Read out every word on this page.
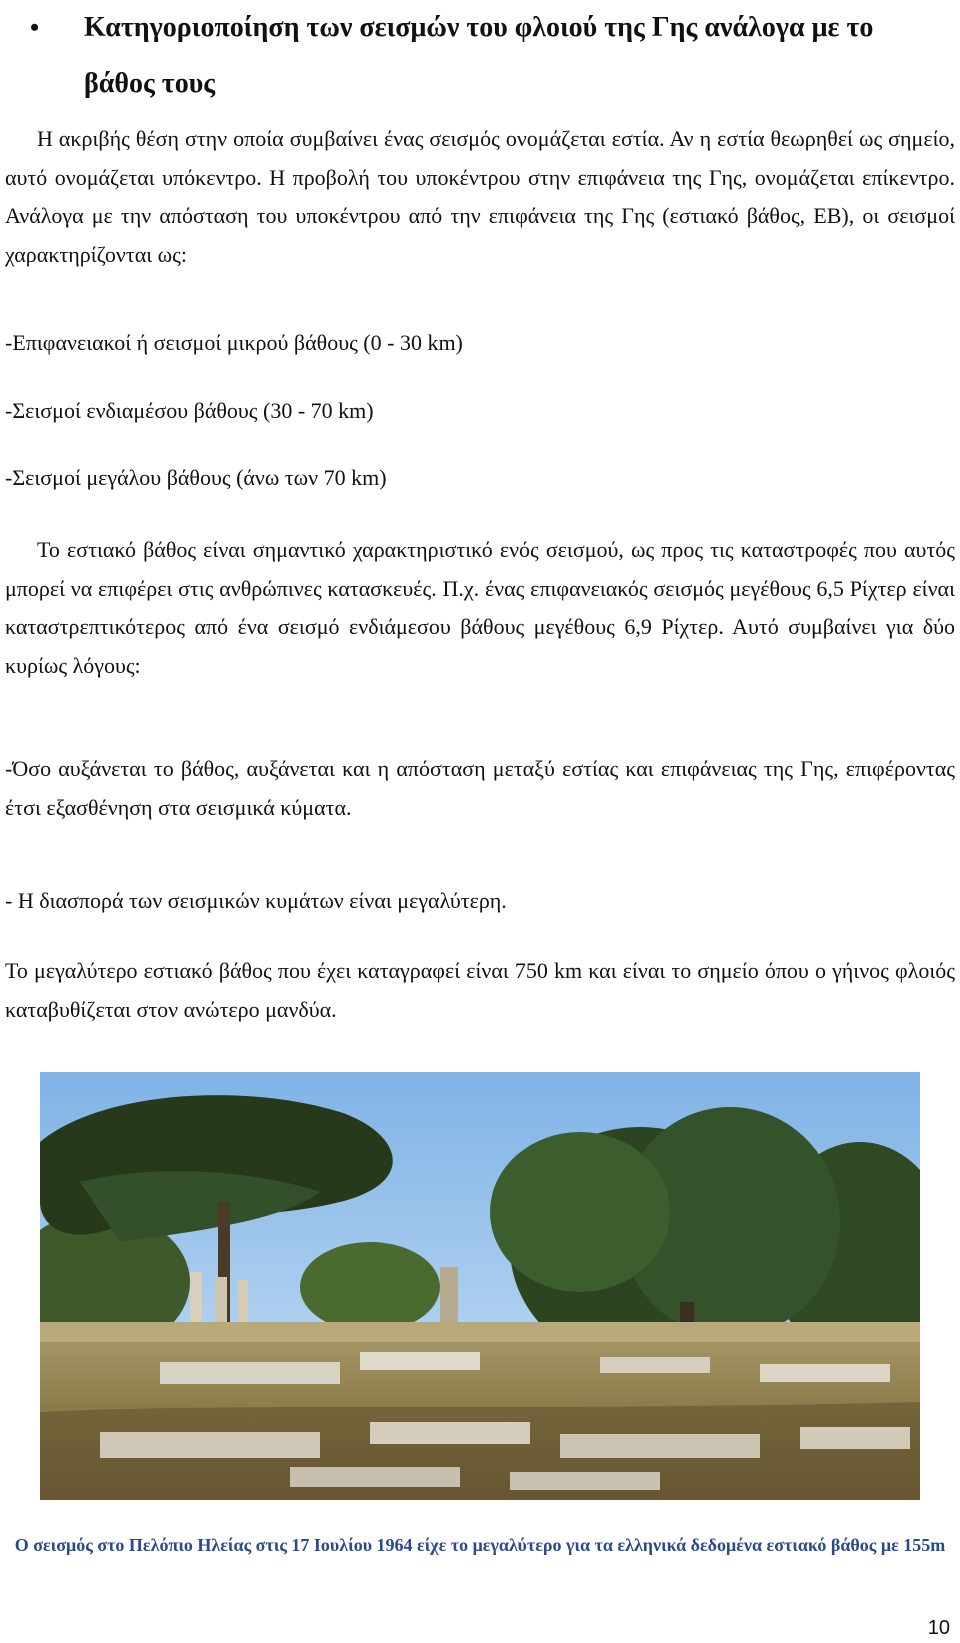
•	Κατηγοριοποίηση των σεισμών του φλοιού της Γης ανάλογα με το βάθος τους

Η ακριβής θέση στην οποία συμβαίνει ένας σεισμός ονομάζεται εστία. Αν η εστία θεωρηθεί ως σημείο, αυτό ονομάζεται υπόκεντρο. Η προβολή του υποκέντρου στην επιφάνεια της Γης, ονομάζεται επίκεντρο. Ανάλογα με την απόσταση του υποκέντρου από την επιφάνεια της Γης (εστιακό βάθος, ΕΒ), οι σεισμοί χαρακτηρίζονται ως:

-Επιφανειακοί ή σεισμοί μικρού βάθους (0 - 30 km)
-Σεισμοί ενδιαμέσου βάθους (30 - 70 km)
-Σεισμοί μεγάλου βάθους (άνω των 70 km)

Το εστιακό βάθος είναι σημαντικό χαρακτηριστικό ενός σεισμού, ως προς τις καταστροφές που αυτός μπορεί να επιφέρει στις ανθρώπινες κατασκευές. Π.χ. ένας επιφανειακός σεισμός μεγέθους 6,5 Ρίχτερ είναι καταστρεπτικότερος από ένα σεισμό ενδιάμεσου βάθους μεγέθους 6,9 Ρίχτερ. Αυτό συμβαίνει για δύο κυρίως λόγους:

-Όσο αυξάνεται το βάθος, αυξάνεται και η απόσταση μεταξύ εστίας και επιφάνειας της Γης, επιφέροντας έτσι εξασθένηση στα σεισμικά κύματα.

- Η διασπορά των σεισμικών κυμάτων είναι μεγαλύτερη.

Το μεγαλύτερο εστιακό βάθος που έχει καταγραφεί είναι 750 km και είναι το σημείο όπου ο γήινος φλοιός καταβυθίζεται στον ανώτερο μανδύα.

Ο σεισμός στο Πελόπιο Ηλείας στις 17 Ιουλίου 1964 είχε το μεγαλύτερο για τα ελληνικά δεδομένα εστιακό βάθος με 155m
10
